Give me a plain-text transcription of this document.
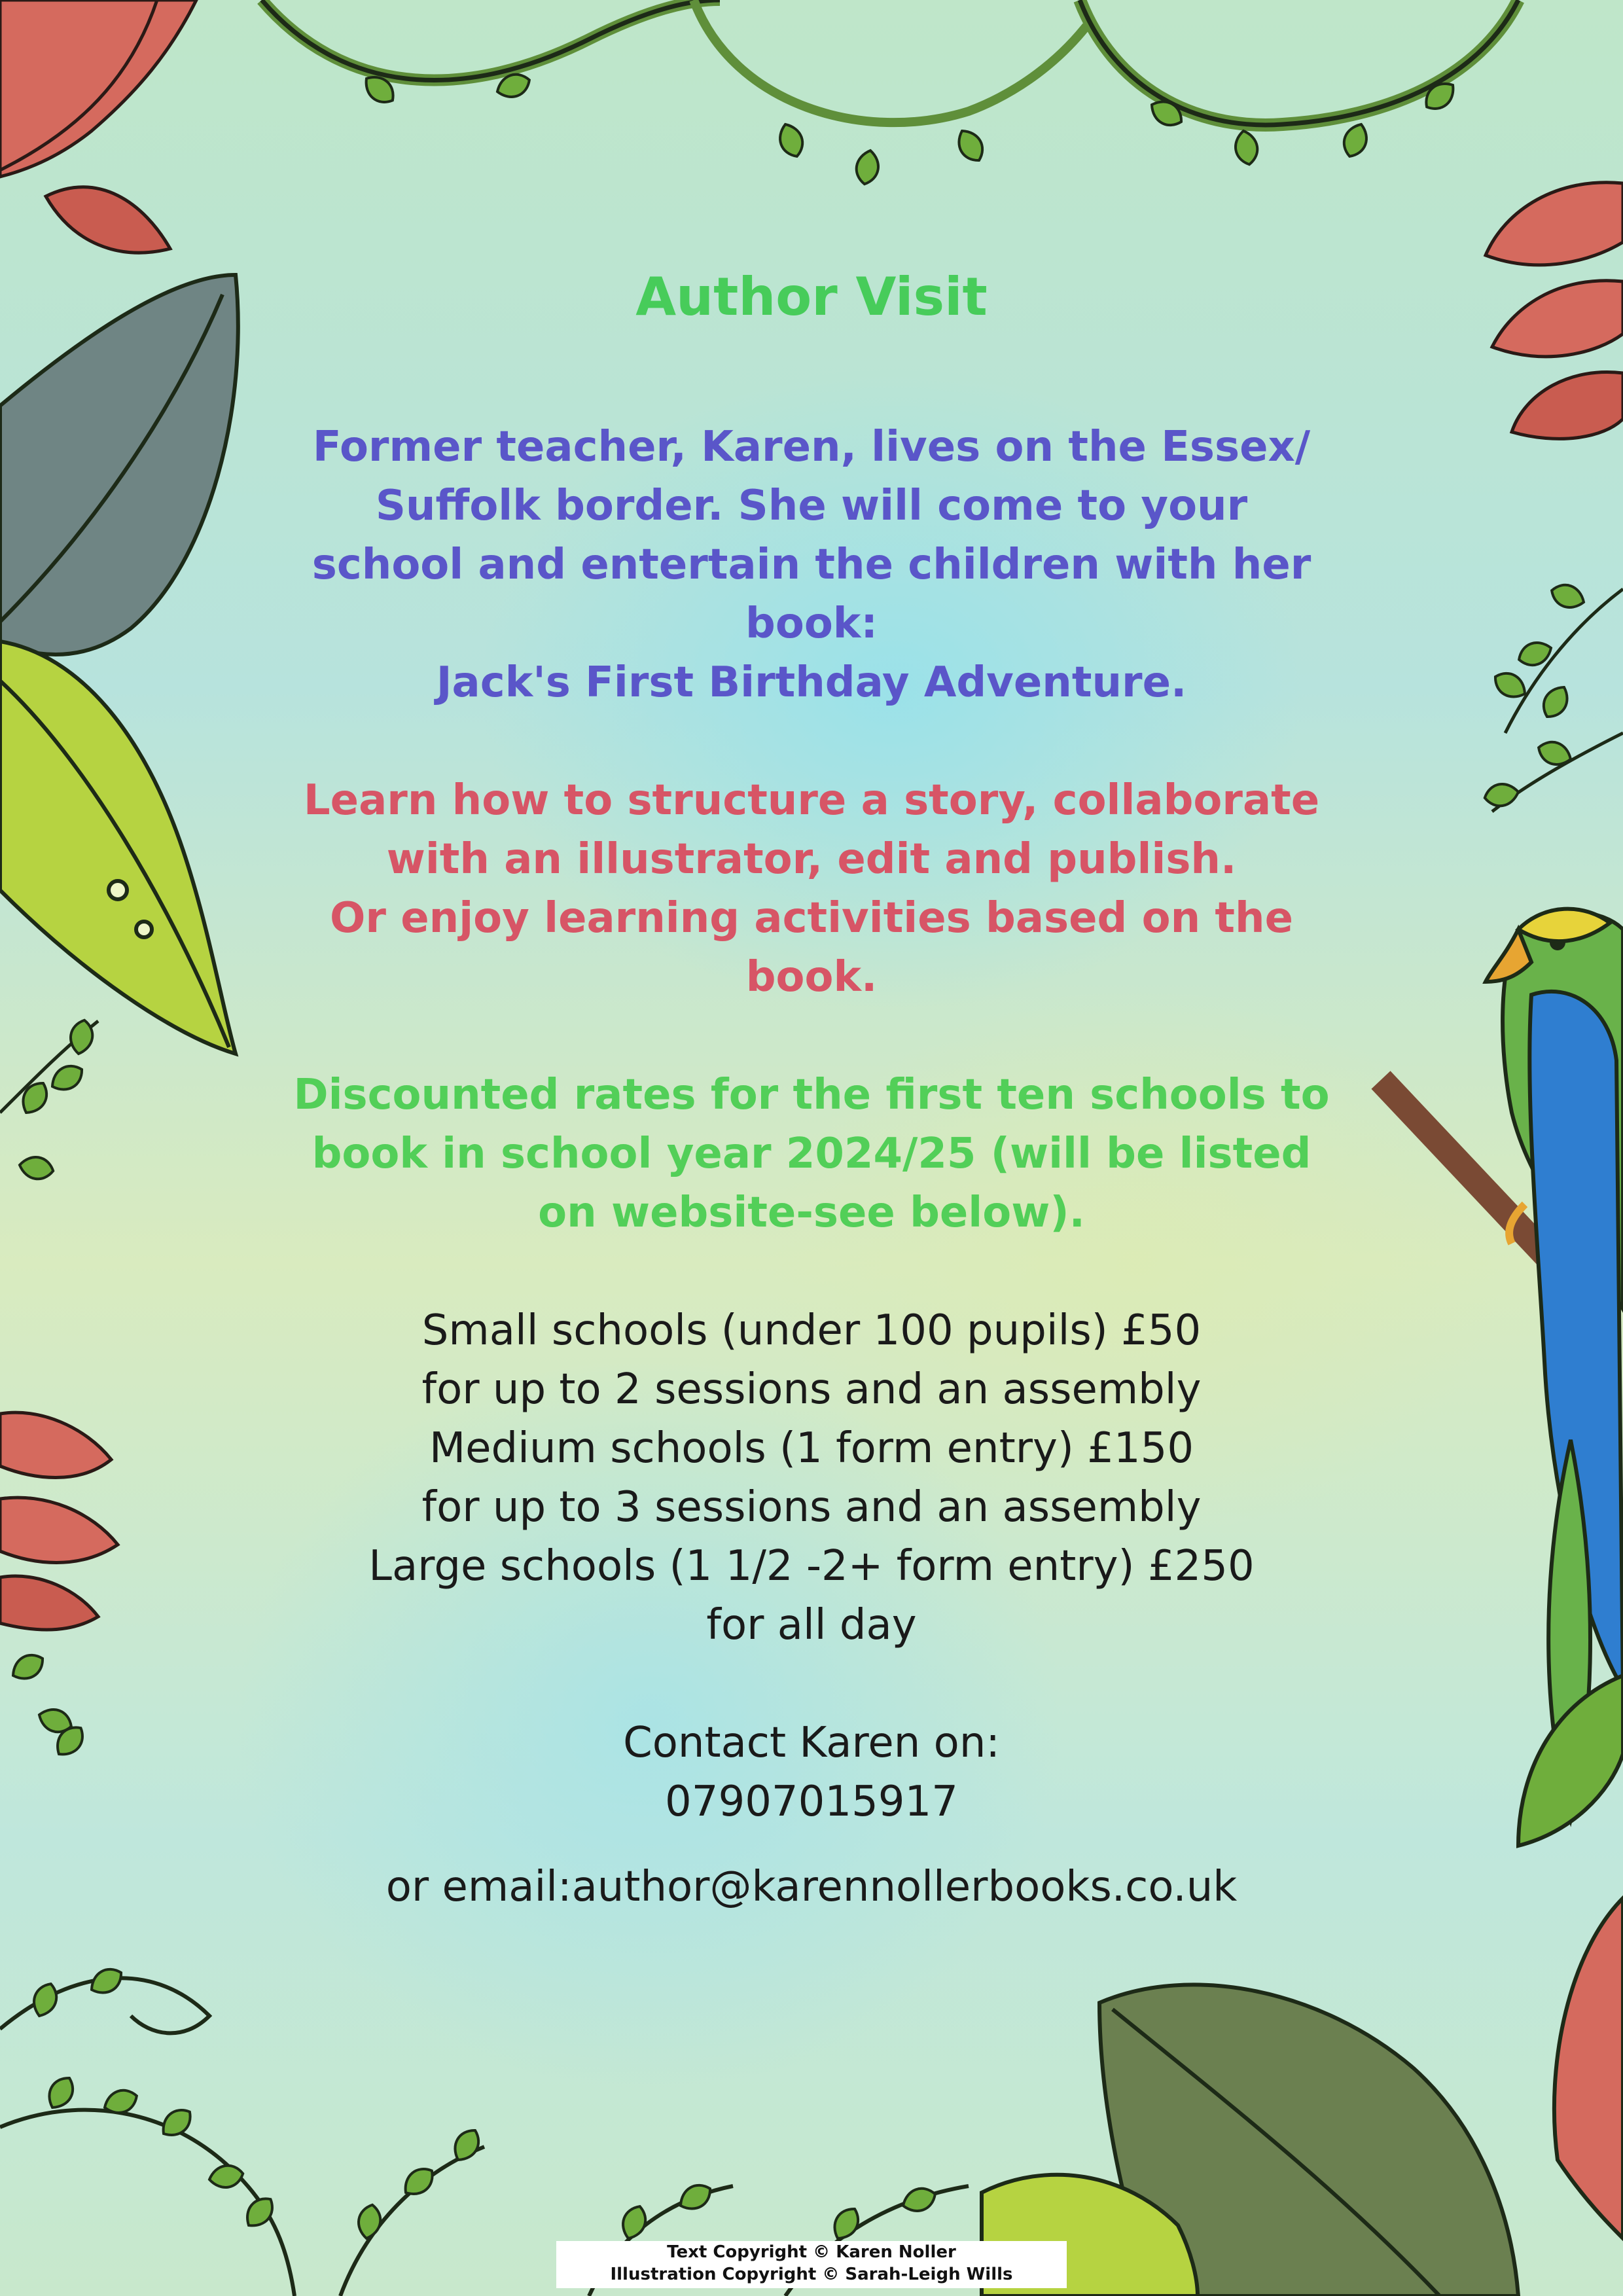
Author Visit

Former teacher, Karen, lives on the Essex/

Suffolk border. She will come to your

school and entertain the children with her

book:

Jack's First Birthday Adventure.

Learn how to structure a story, collaborate

with an illustrator, edit and publish.

Or enjoy learning activities based on the

book.

Discounted rates for the first ten schools to

book in school year 2024/25 (will be listed

on website-see below).

Small schools (under 100 pupils) £50

for up to 2 sessions and an assembly

Medium schools (1 form entry) £150

for up to 3 sessions and an assembly

Large schools (1 1/2 -2+ form entry) £250

for all day

Contact Karen on:

07907015917

or email:author@karennollerbooks.co.uk

Text Copyright © Karen Noller
Illustration Copyright © Sarah-Leigh Wills
